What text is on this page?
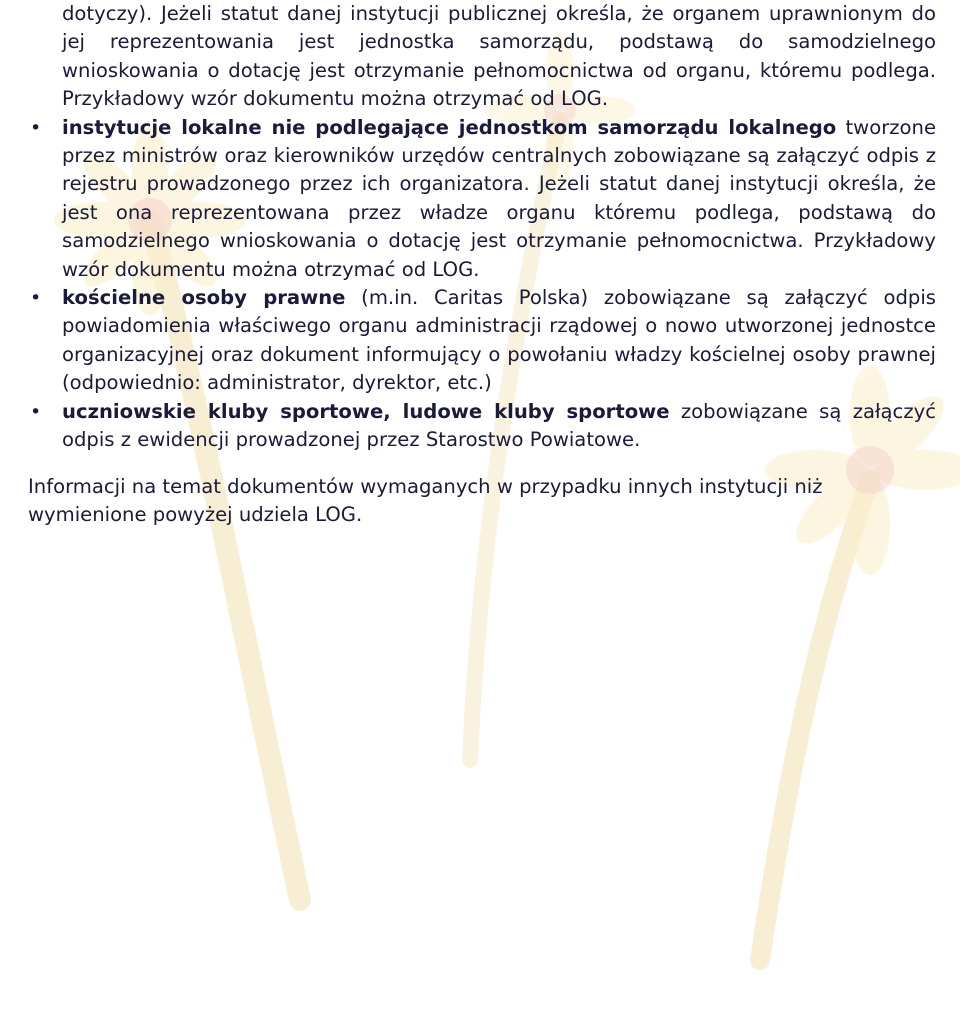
dotyczy). Jeżeli statut danej instytucji publicznej określa, że organem uprawnionym do jej reprezentowania jest jednostka samorządu, podstawą do samodzielnego wnioskowania o dotację jest otrzymanie pełnomocnictwa od organu, któremu podlega. Przykładowy wzór dokumentu można otrzymać od LOG.

• instytucje lokalne nie podlegające jednostkom samorządu lokalnego tworzone przez ministrów oraz kierowników urzędów centralnych zobowiązane są załączyć odpis z rejestru prowadzonego przez ich organizatora. Jeżeli statut danej instytucji określa, że jest ona reprezentowana przez władze organu któremu podlega, podstawą do samodzielnego wnioskowania o dotację jest otrzymanie pełnomocnictwa. Przykładowy wzór dokumentu można otrzymać od LOG.
• kościelne osoby prawne (m.in. Caritas Polska) zobowiązane są załączyć odpis powiadomienia właściwego organu administracji rządowej o nowo utworzonej jednostce organizacyjnej oraz dokument informujący o powołaniu władzy kościelnej osoby prawnej (odpowiednio: administrator, dyrektor, etc.)
• uczniowskie kluby sportowe, ludowe kluby sportowe zobowiązane są załączyć odpis z ewidencji prowadzonej przez Starostwo Powiatowe.

Informacji na temat dokumentów wymaganych w przypadku innych instytucji niż wymienione powyżej udziela LOG.
